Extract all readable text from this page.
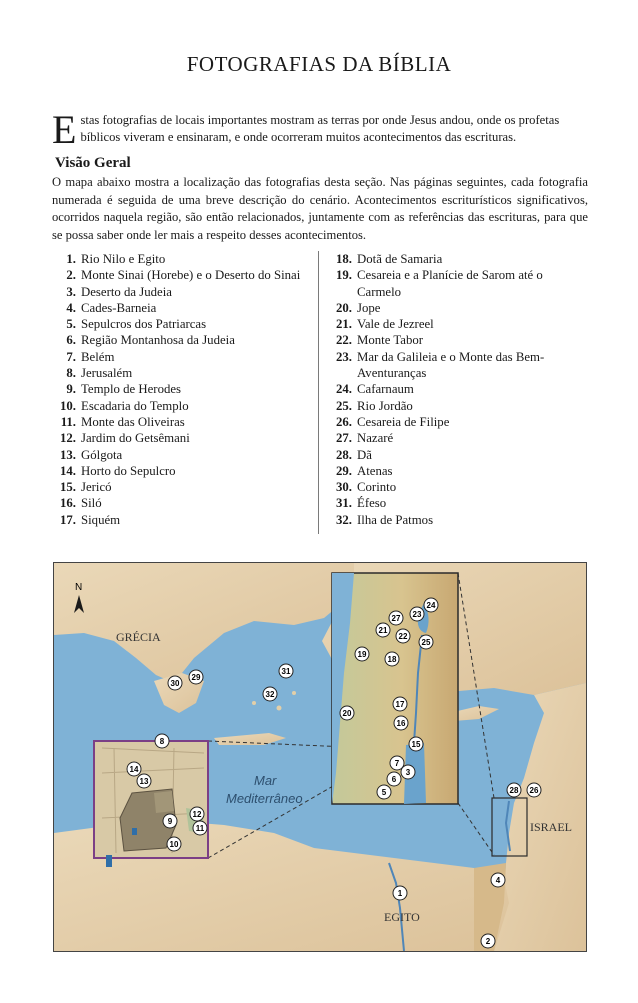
FOTOGRAFIAS DA BÍBLIA
Estas fotografias de locais importantes mostram as terras por onde Jesus andou, onde os profetas bíblicos viveram e ensinaram, e onde ocorreram muitos acontecimentos das escrituras.
Visão Geral
O mapa abaixo mostra a localização das fotografias desta seção. Nas páginas seguintes, cada fotografia numerada é seguida de uma breve descrição do cenário. Acontecimentos escriturísticos significativos, ocorridos naquela região, são então relacionados, juntamente com as referências das escrituras, para que se possa saber onde ler mais a respeito desses acontecimentos.
1. Rio Nilo e Egito
2. Monte Sinai (Horebe) e o Deserto do Sinai
3. Deserto da Judeia
4. Cades-Barneia
5. Sepulcros dos Patriarcas
6. Região Montanhosa da Judeia
7. Belém
8. Jerusalém
9. Templo de Herodes
10. Escadaria do Templo
11. Monte das Oliveiras
12. Jardim do Getsêmani
13. Gólgota
14. Horto do Sepulcro
15. Jericó
16. Siló
17. Siquém
18. Dotã de Samaria
19. Cesareia e a Planície de Sarom até o Carmelo
20. Jope
21. Vale de Jezreel
22. Monte Tabor
23. Mar da Galileia e o Monte das Bem-Aventuranças
24. Cafarnaum
25. Rio Jordão
26. Cesareia de Filipe
27. Nazaré
28. Dã
29. Atenas
30. Corinto
31. Éfeso
32. Ilha de Patmos
N
GRÉCIA
Mar
Mediterrâneo
ISRAEL
EGITO
1
2
3
4
5
6
7
8
9
10
11
12
13
14
15
16
17
18
19
20
21
22
23
24
25
26
27
28
29
30
31
32
